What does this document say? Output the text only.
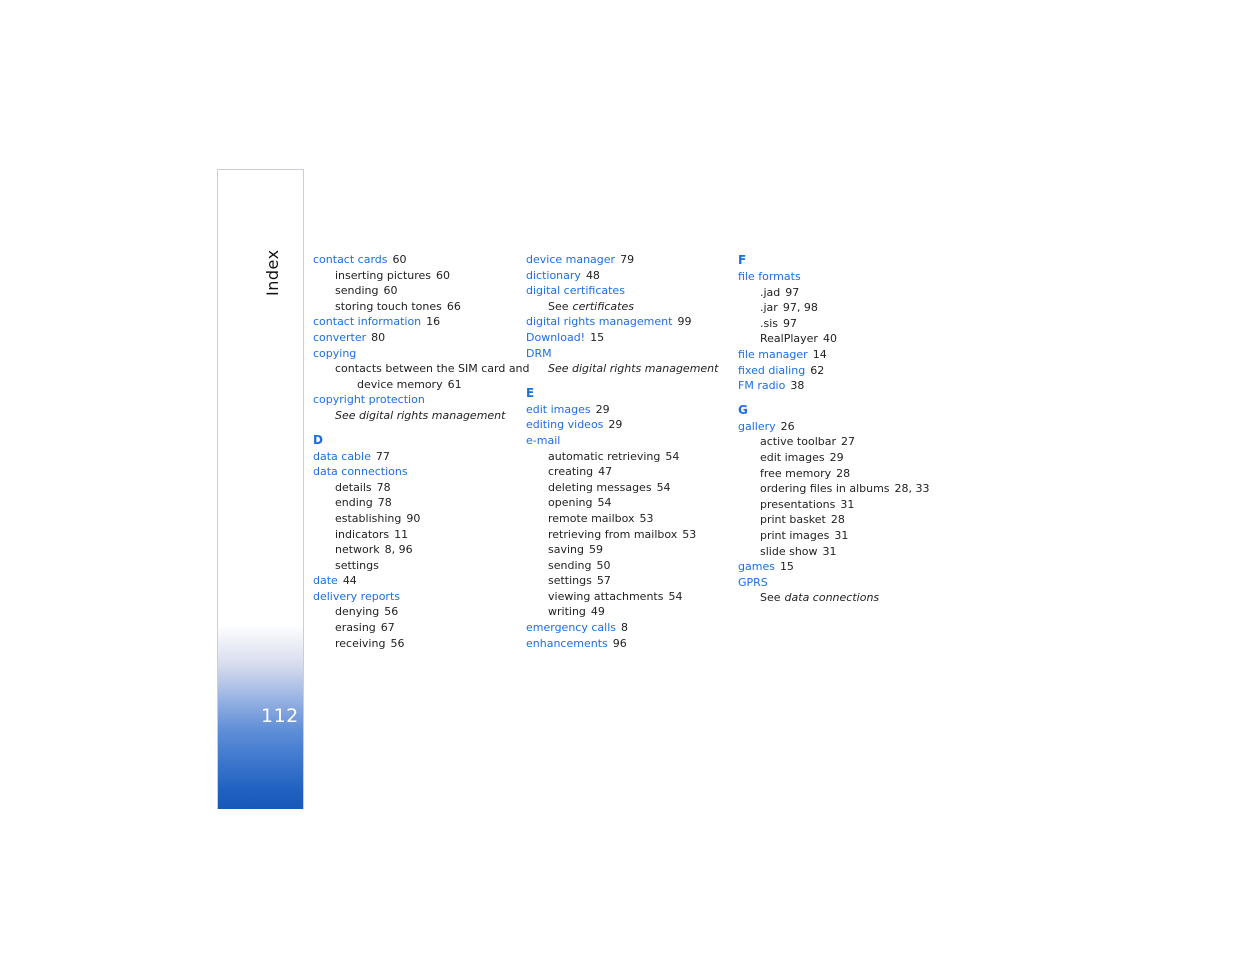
Index
112
contact cards 60
inserting pictures 60
sending 60
storing touch tones 66
contact information 16
converter 80
copying
contacts between the SIM card and
device memory 61
copyright protection
See digital rights management
D
data cable 77
data connections
details 78
ending 78
establishing 90
indicators 11
network 8, 96
settings
date 44
delivery reports
denying 56
erasing 67
receiving 56
device manager 79
dictionary 48
digital certificates
See certificates
digital rights management 99
Download! 15
DRM
See digital rights management
E
edit images 29
editing videos 29
e-mail
automatic retrieving 54
creating 47
deleting messages 54
opening 54
remote mailbox 53
retrieving from mailbox 53
saving 59
sending 50
settings 57
viewing attachments 54
writing 49
emergency calls 8
enhancements 96
F
file formats
.jad 97
.jar 97, 98
.sis 97
RealPlayer 40
file manager 14
fixed dialing 62
FM radio 38
G
gallery 26
active toolbar 27
edit images 29
free memory 28
ordering files in albums 28, 33
presentations 31
print basket 28
print images 31
slide show 31
games 15
GPRS
See data connections
